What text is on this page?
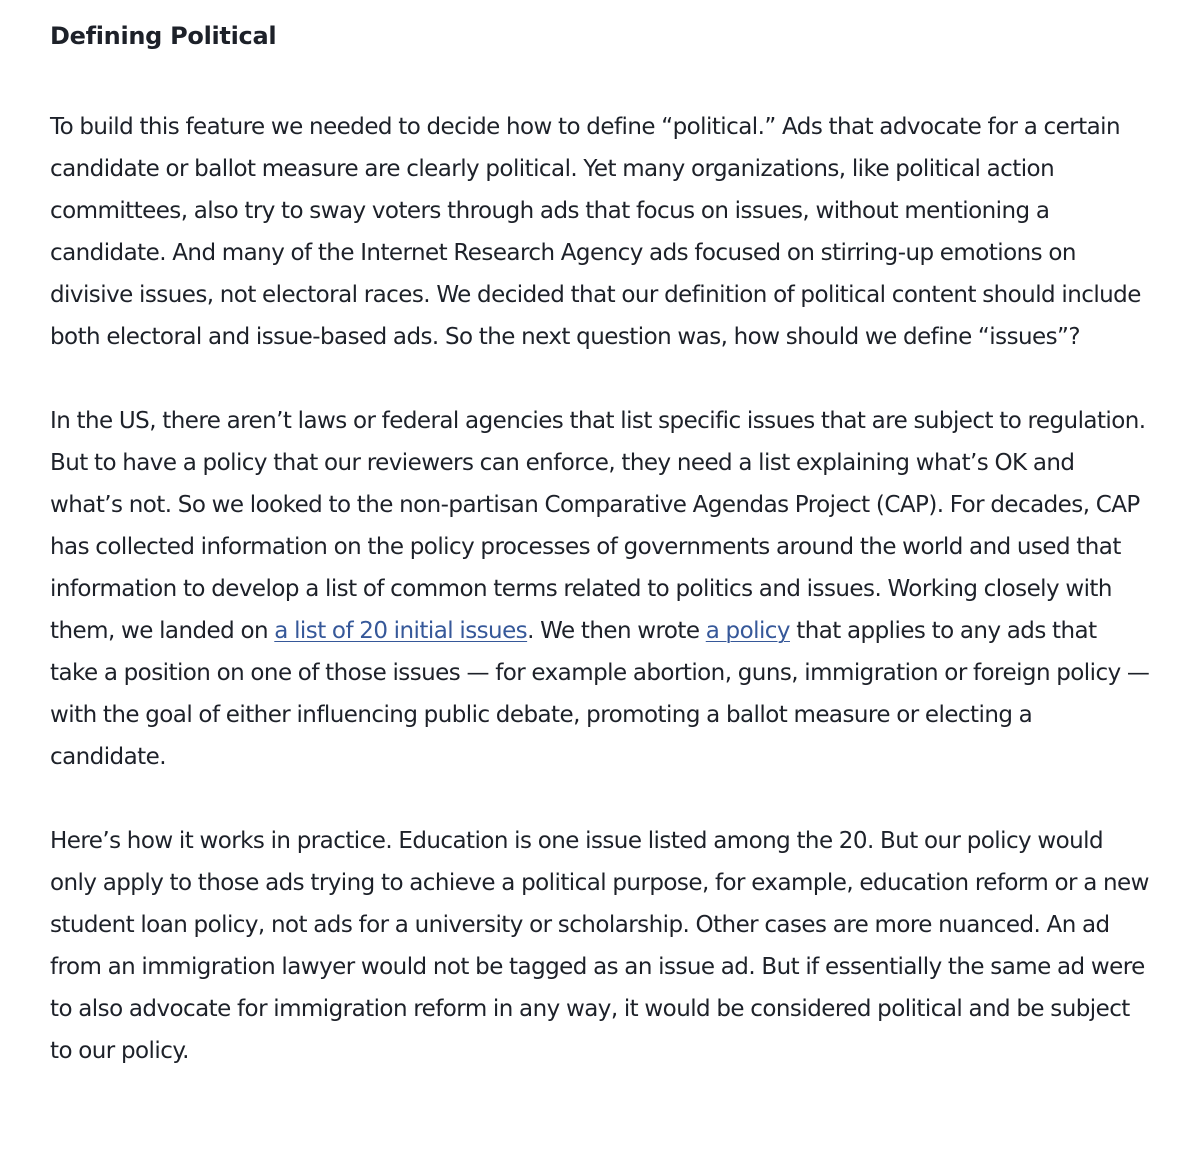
Defining Political

To build this feature we needed to decide how to define “political.” Ads that advocate for a certain candidate or ballot measure are clearly political. Yet many organizations, like political action committees, also try to sway voters through ads that focus on issues, without mentioning a candidate. And many of the Internet Research Agency ads focused on stirring-up emotions on divisive issues, not electoral races. We decided that our definition of political content should include both electoral and issue-based ads. So the next question was, how should we define “issues”?

In the US, there aren’t laws or federal agencies that list specific issues that are subject to regulation. But to have a policy that our reviewers can enforce, they need a list explaining what’s OK and what’s not. So we looked to the non-partisan Comparative Agendas Project (CAP). For decades, CAP has collected information on the policy processes of governments around the world and used that information to develop a list of common terms related to politics and issues. Working closely with them, we landed on a list of 20 initial issues. We then wrote a policy that applies to any ads that take a position on one of those issues — for example abortion, guns, immigration or foreign policy — with the goal of either influencing public debate, promoting a ballot measure or electing a candidate.

Here’s how it works in practice. Education is one issue listed among the 20. But our policy would only apply to those ads trying to achieve a political purpose, for example, education reform or a new student loan policy, not ads for a university or scholarship. Other cases are more nuanced. An ad from an immigration lawyer would not be tagged as an issue ad. But if essentially the same ad were to also advocate for immigration reform in any way, it would be considered political and be subject to our policy.
